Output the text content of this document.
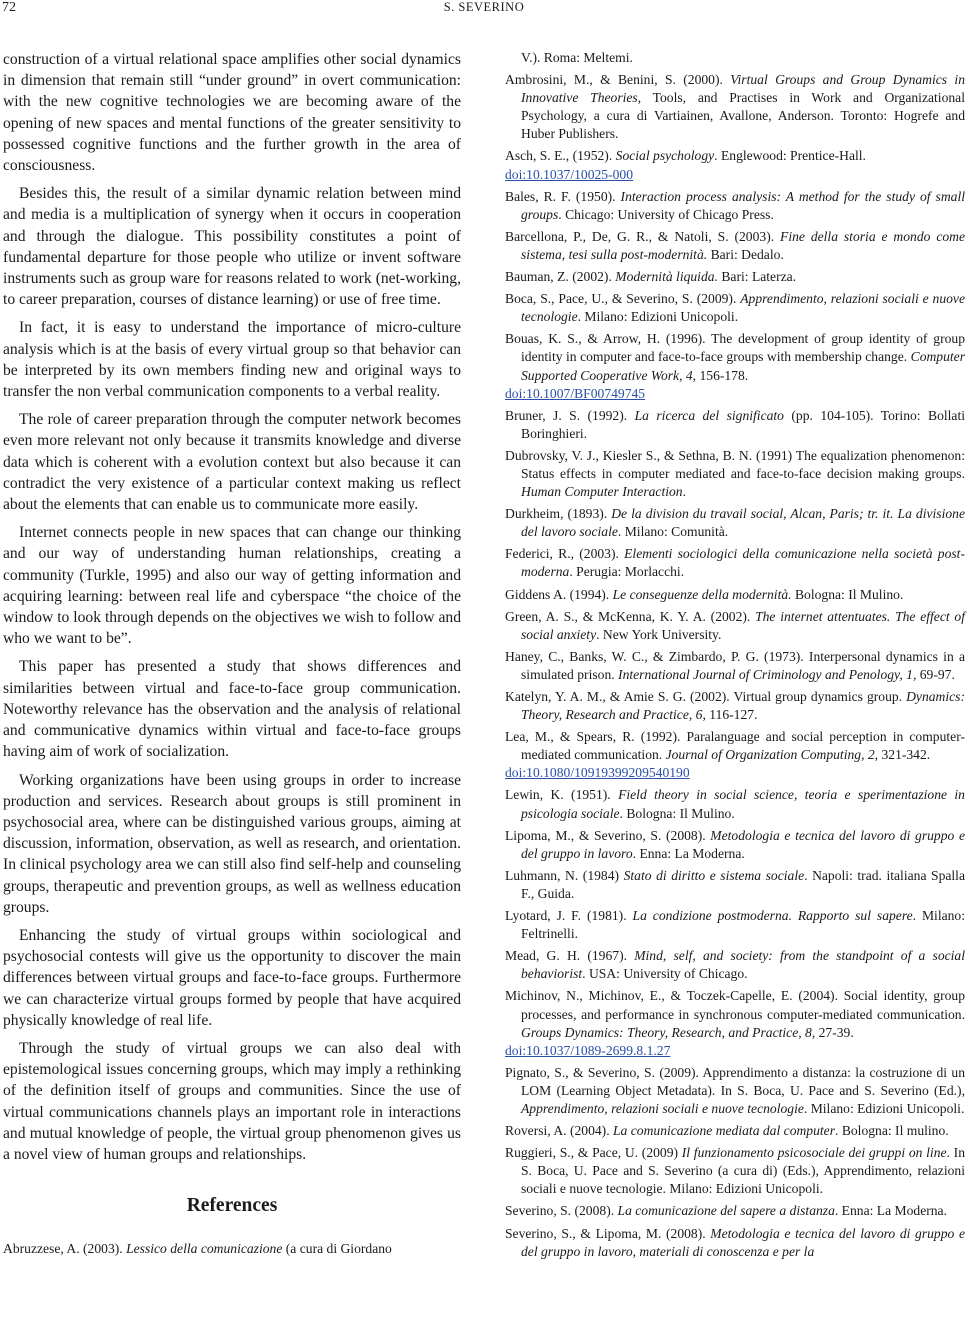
72	S. SEVERINO

construction of a virtual relational space amplifies other social dynamics in dimension that remain still “under ground” in overt communication: with the new cognitive technologies we are becoming aware of the opening of new spaces and mental functions of the greater sensitivity to possessed cognitive functions and the further growth in the area of consciousness.

Besides this, the result of a similar dynamic relation between mind and media is a multiplication of synergy when it occurs in cooperation and through the dialogue. This possibility constitutes a point of fundamental departure for those people who utilize or invent software instruments such as group ware for reasons related to work (net-working, to career preparation, courses of distance learning) or use of free time.

In fact, it is easy to understand the importance of micro-culture analysis which is at the basis of every virtual group so that behavior can be interpreted by its own members finding new and original ways to transfer the non verbal communication components to a verbal reality.

The role of career preparation through the computer network becomes even more relevant not only because it transmits knowledge and diverse data which is coherent with a evolution context but also because it can contradict the very existence of a particular context making us reflect about the elements that can enable us to communicate more easily.

Internet connects people in new spaces that can change our thinking and our way of understanding human relationships, creating a community (Turkle, 1995) and also our way of getting information and acquiring learning: between real life and cyberspace “the choice of the window to look through depends on the objectives we wish to follow and who we want to be”.

This paper has presented a study that shows differences and similarities between virtual and face-to-face group communication. Noteworthy relevance has the observation and the analysis of relational and communicative dynamics within virtual and face-to-face groups having aim of work of socialization.

Working organizations have been using groups in order to increase production and services. Research about groups is still prominent in psychosocial area, where can be distinguished various groups, aiming at discussion, information, observation, as well as research, and orientation. In clinical psychology area we can still also find self-help and counseling groups, therapeutic and prevention groups, as well as wellness education groups.

Enhancing the study of virtual groups within sociological and psychosocial contests will give us the opportunity to discover the main differences between virtual groups and face-to-face groups. Furthermore we can characterize virtual groups formed by people that have acquired physically knowledge of real life.

Through the study of virtual groups we can also deal with epistemological issues concerning groups, which may imply a rethinking of the definition itself of groups and communities. Since the use of virtual communications channels plays an important role in interactions and mutual knowledge of people, the virtual group phenomenon gives us a novel view of human groups and relationships.

References

Abruzzese, A. (2003). Lessico della comunicazione (a cura di Giordano

V.). Roma: Meltemi.

Ambrosini, M., & Benini, S. (2000). Virtual Groups and Group Dynamics in Innovative Theories, Tools, and Practises in Work and Organizational Psychology, a cura di Vartiainen, Avallone, Anderson. Toronto: Hogrefe and Huber Publishers.

Asch, S. E., (1952). Social psychology. Englewood: Prentice-Hall.
doi:10.1037/10025-000

Bales, R. F. (1950). Interaction process analysis: A method for the study of small groups. Chicago: University of Chicago Press.

Barcellona, P., De, G. R., & Natoli, S. (2003). Fine della storia e mondo come sistema, tesi sulla post-modernità. Bari: Dedalo.

Bauman, Z. (2002). Modernità liquida. Bari: Laterza.

Boca, S., Pace, U., & Severino, S. (2009). Apprendimento, relazioni sociali e nuove tecnologie. Milano: Edizioni Unicopoli.

Bouas, K. S., & Arrow, H. (1996). The development of group identity of group identity in computer and face-to-face groups with membership change. Computer Supported Cooperative Work, 4, 156-178.
doi:10.1007/BF00749745

Bruner, J. S. (1992). La ricerca del significato (pp. 104-105). Torino: Bollati Boringhieri.

Dubrovsky, V. J., Kiesler S., & Sethna, B. N. (1991) The equalization phenomenon: Status effects in computer mediated and face-to-face decision making groups. Human Computer Interaction.

Durkheim, (1893). De la division du travail social, Alcan, Paris; tr. it. La divisione del lavoro sociale. Milano: Comunità.

Federici, R., (2003). Elementi sociologici della comunicazione nella società post-moderna. Perugia: Morlacchi.

Giddens A. (1994). Le conseguenze della modernità. Bologna: Il Mulino.

Green, A. S., & McKenna, K. Y. A. (2002). The internet attentuates. The effect of social anxiety. New York University.

Haney, C., Banks, W. C., & Zimbardo, P. G. (1973). Interpersonal dynamics in a simulated prison. International Journal of Criminology and Penology, 1, 69-97.

Katelyn, Y. A. M., & Amie S. G. (2002). Virtual group dynamics group. Dynamics: Theory, Research and Practice, 6, 116-127.

Lea, M., & Spears, R. (1992). Paralanguage and social perception in computer-mediated communication. Journal of Organization Computing, 2, 321-342.
doi:10.1080/10919399209540190

Lewin, K. (1951). Field theory in social science, teoria e sperimentazione in psicologia sociale. Bologna: Il Mulino.

Lipoma, M., & Severino, S. (2008). Metodologia e tecnica del lavoro di gruppo e del gruppo in lavoro. Enna: La Moderna.

Luhmann, N. (1984) Stato di diritto e sistema sociale. Napoli: trad. italiana Spalla F., Guida.

Lyotard, J. F. (1981). La condizione postmoderna. Rapporto sul sapere. Milano: Feltrinelli.

Mead, G. H. (1967). Mind, self, and society: from the standpoint of a social behaviorist. USA: University of Chicago.

Michinov, N., Michinov, E., & Toczek-Capelle, E. (2004). Social identity, group processes, and performance in synchronous computer-mediated communication. Groups Dynamics: Theory, Research, and Practice, 8, 27-39.
doi:10.1037/1089-2699.8.1.27

Pignato, S., & Severino, S. (2009). Apprendimento a distanza: la costruzione di un LOM (Learning Object Metadata). In S. Boca, U. Pace and S. Severino (Ed.), Apprendimento, relazioni sociali e nuove tecnologie. Milano: Edizioni Unicopoli.

Roversi, A. (2004). La comunicazione mediata dal computer. Bologna: Il mulino.

Ruggieri, S., & Pace, U. (2009) Il funzionamento psicosociale dei gruppi on line. In S. Boca, U. Pace and S. Severino (a cura di) (Eds.), Apprendimento, relazioni sociali e nuove tecnologie. Milano: Edizioni Unicopoli.

Severino, S. (2008). La comunicazione del sapere a distanza. Enna: La Moderna.

Severino, S., & Lipoma, M. (2008). Metodologia e tecnica del lavoro di gruppo e del gruppo in lavoro, materiali di conoscenza e per la
